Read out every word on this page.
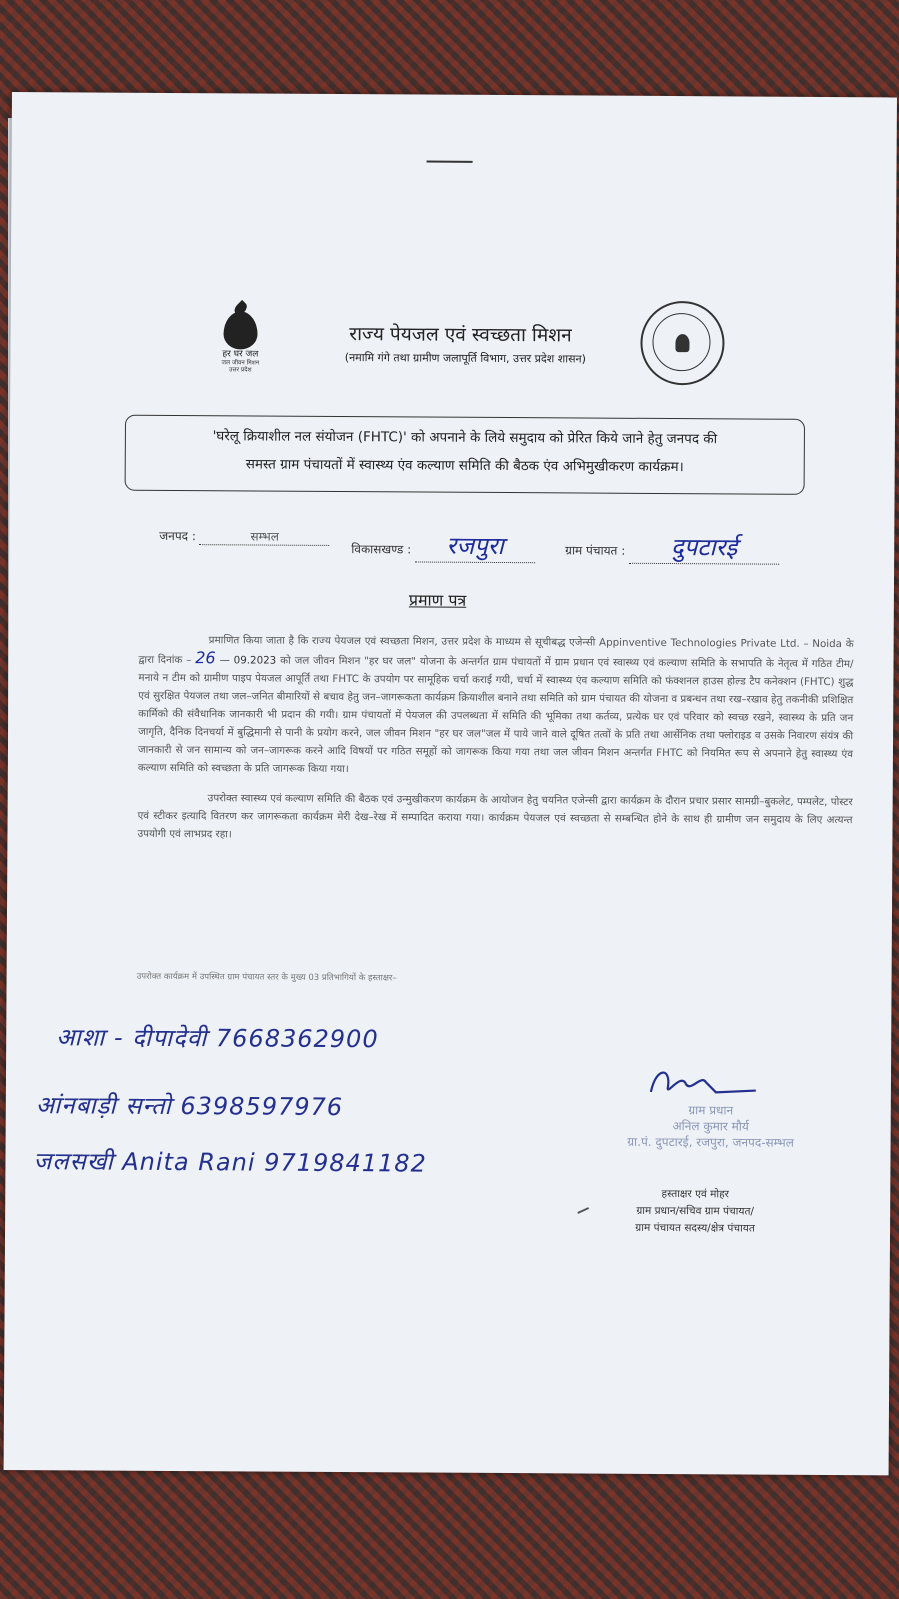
हर घर जल
जल जीवन मिशन
उत्तर प्रदेश
राज्य पेयजल एवं स्वच्छता मिशन
(नमामि गंगे तथा ग्रामीण जलापूर्ति विभाग, उत्तर प्रदेश शासन)
'घरेलू क्रियाशील नल संयोजन (FHTC)' को अपनाने के लिये समुदाय को प्रेरित किये जाने हेतु जनपद की
समस्त ग्राम पंचायतों में स्वास्थ्य एंव कल्याण समिति की बैठक एंव अभिमुखीकरण कार्यक्रम।
जनपद :	सम्भल
विकासखण्ड : रजपुरा	ग्राम पंचायत : दुपटारई
प्रमाण पत्र

प्रमाणित किया जाता है कि राज्य पेयजल एवं स्वच्छता मिशन, उत्तर प्रदेश के माध्यम से सूचीबद्ध एजेन्सी Appinventive Technologies Private Ltd. – Noida के द्वारा दिनांक – 26 — 09.2023 को जल जीवन मिशन "हर घर जल" योजना के अन्तर्गत ग्राम पंचायतों में ग्राम प्रधान एवं स्वास्थ्य एवं कल्याण समिति के सभापति के नेतृत्व में गठित टीम/मनाये न टीम को ग्रामीण पाइप पेयजल आपूर्ति तथा FHTC के उपयोग पर सामूहिक चर्चा कराई गयी, चर्चा में स्वास्थ्य एंव कल्याण समिति को फंक्शनल हाउस होल्ड टैप कनेक्शन (FHTC) शुद्ध एवं सुरक्षित पेयजल तथा जल–जनित बीमारियों से बचाव हेतु जन–जागरूकता कार्यक्रम क्रियाशील बनाने तथा समिति को ग्राम पंचायत की योजना व प्रबन्धन तथा रख–रखाव हेतु तकनीकी प्रशिक्षित कार्मिको की संवैधानिक जानकारी भी प्रदान की गयी। ग्राम पंचायतों में पेयजल की उपलब्धता में समिति की भूमिका तथा कर्तव्य, प्रत्येक घर एवं परिवार को स्वच्छ रखने, स्वास्थ्य के प्रति जन जागृति, दैनिक दिनचर्या में बुद्धिमानी से पानी के प्रयोग करने, जल जीवन मिशन "हर घर जल"जल में पाये जाने वाले दूषित तत्वों के प्रति तथा आर्सेनिक तथा फ्लोराइड व उसके निवारण संयंत्र की जानकारी से जन सामान्य को जन–जागरूक करने आदि विषयों पर गठित समूहों को जागरूक किया गया तथा जल जीवन मिशन अन्तर्गत FHTC को नियमित रूप से अपनाने हेतु स्वास्थ्य एंव कल्याण समिति को स्वच्छता के प्रति जागरूक किया गया।

उपरोक्त स्वास्थ्य एवं कल्याण समिति की बैठक एवं उन्मुखीकरण कार्यक्रम के आयोजन हेतु चयनित एजेन्सी द्वारा कार्यक्रम के दौरान प्रचार प्रसार सामग्री–बुकलेट, पम्पलेट, पोस्टर एवं स्टीकर इत्यादि वितरण कर जागरूकता कार्यक्रम मेरी देख–रेख में सम्पादित कराया गया। कार्यक्रम पेयजल एवं स्वच्छता से सम्बन्धित होने के साथ ही ग्रामीण जन समुदाय के लिए अत्यन्त उपयोगी एवं लाभप्रद रहा।

उपरोक्त कार्यक्रम में उपस्थित ग्राम पंचायत स्तर के मुख्य 03 प्रतिभागियों के हस्ताक्षर–
आशा - दीपादेवी 7668362900
आंनबाड़ी सन्तो 6398597976
जलसखी Anita Rani 9719841182
ग्राम प्रधान
अनिल कुमार मौर्य
ग्रा.पं. दुपटारई, रजपुरा, जनपद-सम्भल
हस्ताक्षर एवं मोहर
ग्राम प्रधान/सचिव ग्राम पंचायत/
ग्राम पंचायत सदस्य/क्षेत्र पंचायत
